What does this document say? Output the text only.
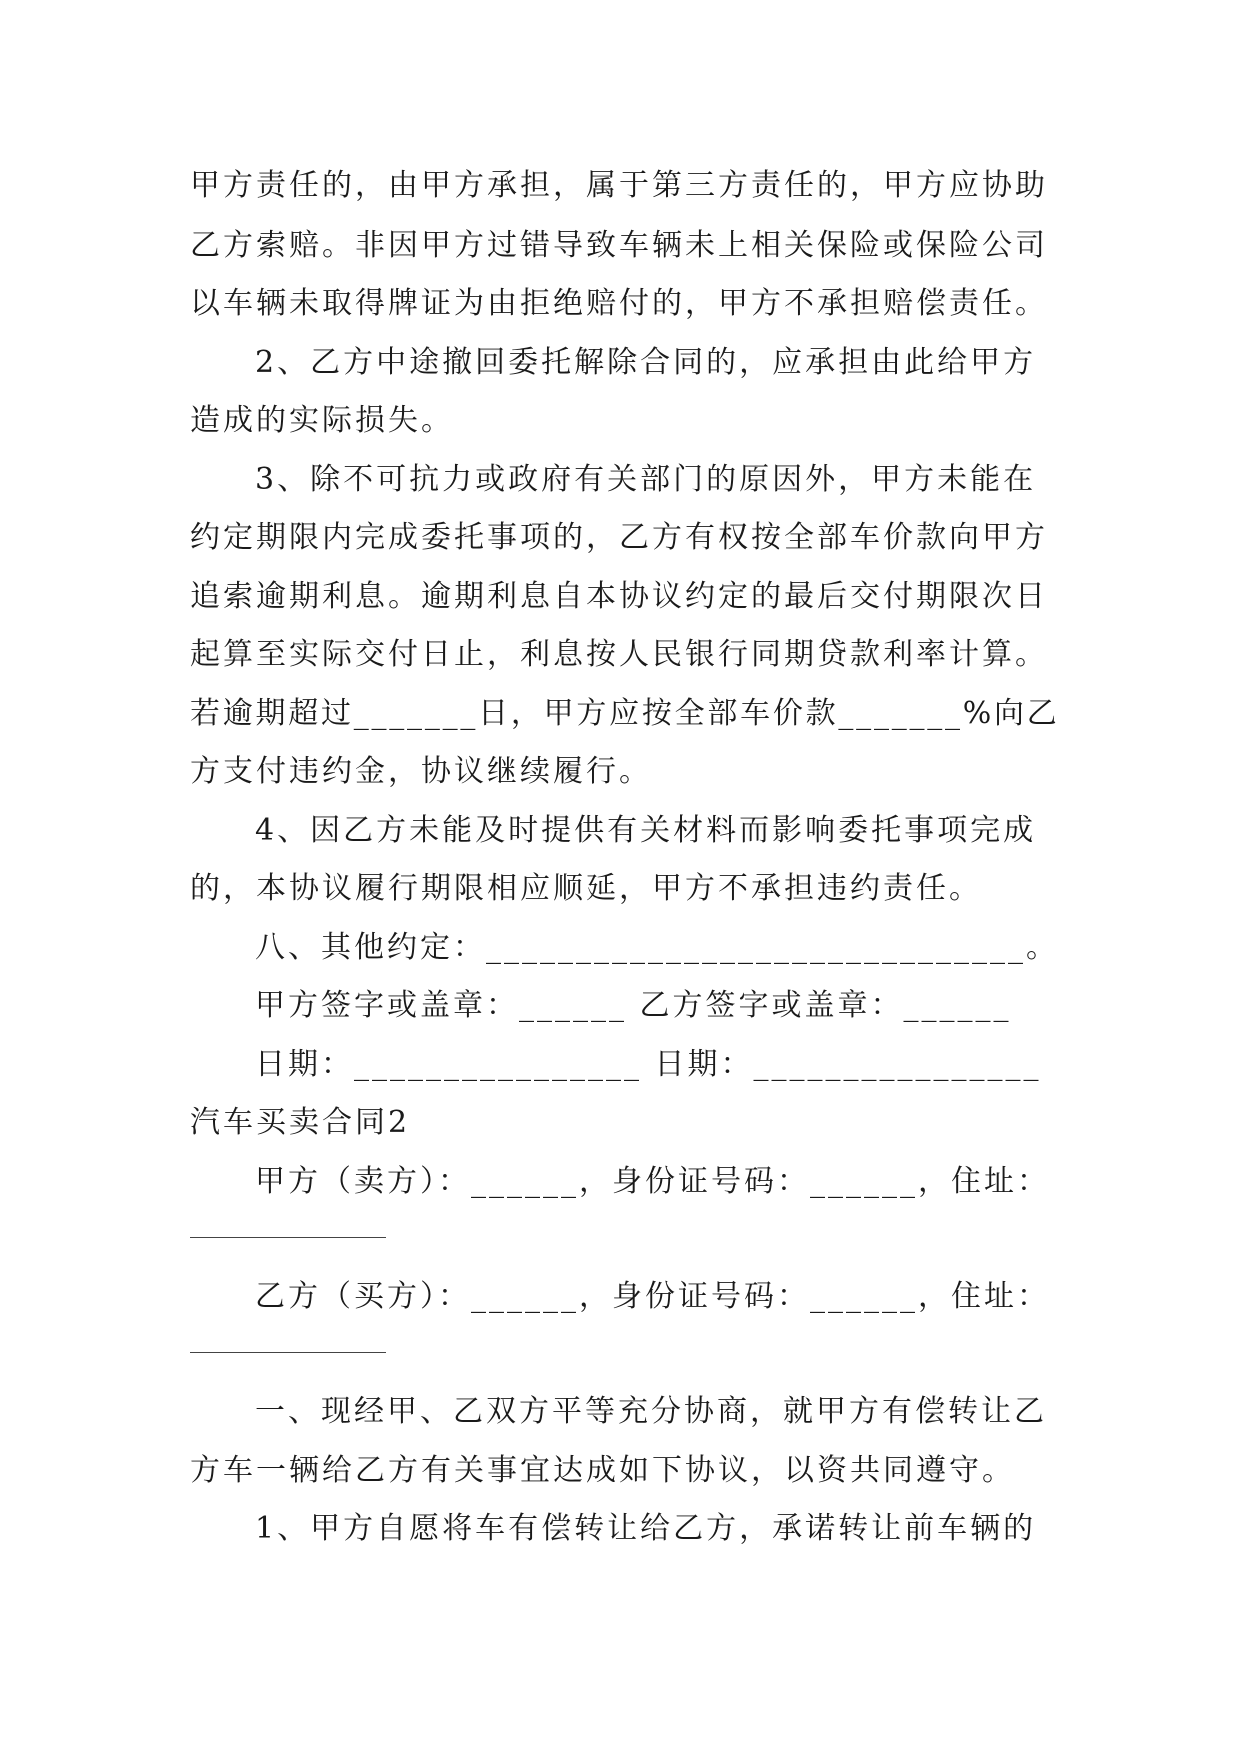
甲方责任的，由甲方承担，属于第三方责任的，甲方应协助
乙方索赔。非因甲方过错导致车辆未上相关保险或保险公司
以车辆未取得牌证为由拒绝赔付的，甲方不承担赔偿责任。
2、乙方中途撤回委托解除合同的，应承担由此给甲方
造成的实际损失。
3、除不可抗力或政府有关部门的原因外，甲方未能在
约定期限内完成委托事项的，乙方有权按全部车价款向甲方
追索逾期利息。逾期利息自本协议约定的最后交付期限次日
起算至实际交付日止，利息按人民银行同期贷款利率计算。
若逾期超过_______日，甲方应按全部车价款_______%向乙
方支付违约金，协议继续履行。
4、因乙方未能及时提供有关材料而影响委托事项完成
的，本协议履行期限相应顺延，甲方不承担违约责任。
八、其他约定：______________________________。
甲方签字或盖章：______ 乙方签字或盖章：______
日期：________________ 日期：________________
汽车买卖合同2
甲方（卖方）：______，身份证号码：______，住址：
乙方（买方）：______，身份证号码：______，住址：
一、现经甲、乙双方平等充分协商，就甲方有偿转让乙
方车一辆给乙方有关事宜达成如下协议，以资共同遵守。
1、甲方自愿将车有偿转让给乙方，承诺转让前车辆的
